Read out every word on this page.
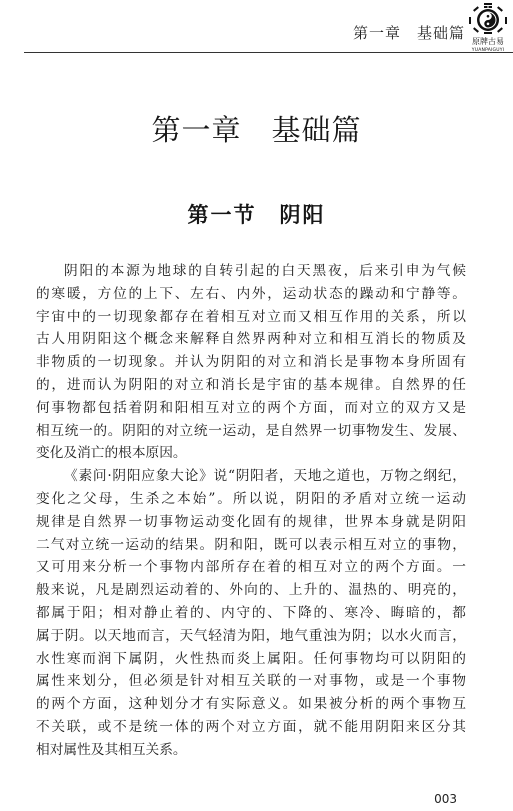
第一章　基础篇 原牌古易
YUANPAIGUYI
第一章　基础篇
第一节　阴阳
阴阳的本源为地球的自转引起的白天黑夜，后来引申为气候
的寒暖，方位的上下、左右、内外，运动状态的躁动和宁静等。
宇宙中的一切现象都存在着相互对立而又相互作用的关系，所以
古人用阴阳这个概念来解释自然界两种对立和相互消长的物质及
非物质的一切现象。并认为阴阳的对立和消长是事物本身所固有
的，进而认为阴阳的对立和消长是宇宙的基本规律。自然界的任
何事物都包括着阴和阳相互对立的两个方面，而对立的双方又是
相互统一的。阴阳的对立统一运动，是自然界一切事物发生、发展、
变化及消亡的根本原因。
《素问·阴阳应象大论》说“阴阳者，天地之道也，万物之纲纪，
变化之父母，生杀之本始”。所以说，阴阳的矛盾对立统一运动
规律是自然界一切事物运动变化固有的规律，世界本身就是阴阳
二气对立统一运动的结果。阴和阳，既可以表示相互对立的事物，
又可用来分析一个事物内部所存在着的相互对立的两个方面。一
般来说，凡是剧烈运动着的、外向的、上升的、温热的、明亮的，
都属于阳；相对静止着的、内守的、下降的、寒冷、晦暗的，都
属于阴。以天地而言，天气轻清为阳，地气重浊为阴；以水火而言，
水性寒而润下属阴，火性热而炎上属阳。任何事物均可以阴阳的
属性来划分，但必须是针对相互关联的一对事物，或是一个事物
的两个方面，这种划分才有实际意义。如果被分析的两个事物互
不关联，或不是统一体的两个对立方面，就不能用阴阳来区分其
相对属性及其相互关系。
003
